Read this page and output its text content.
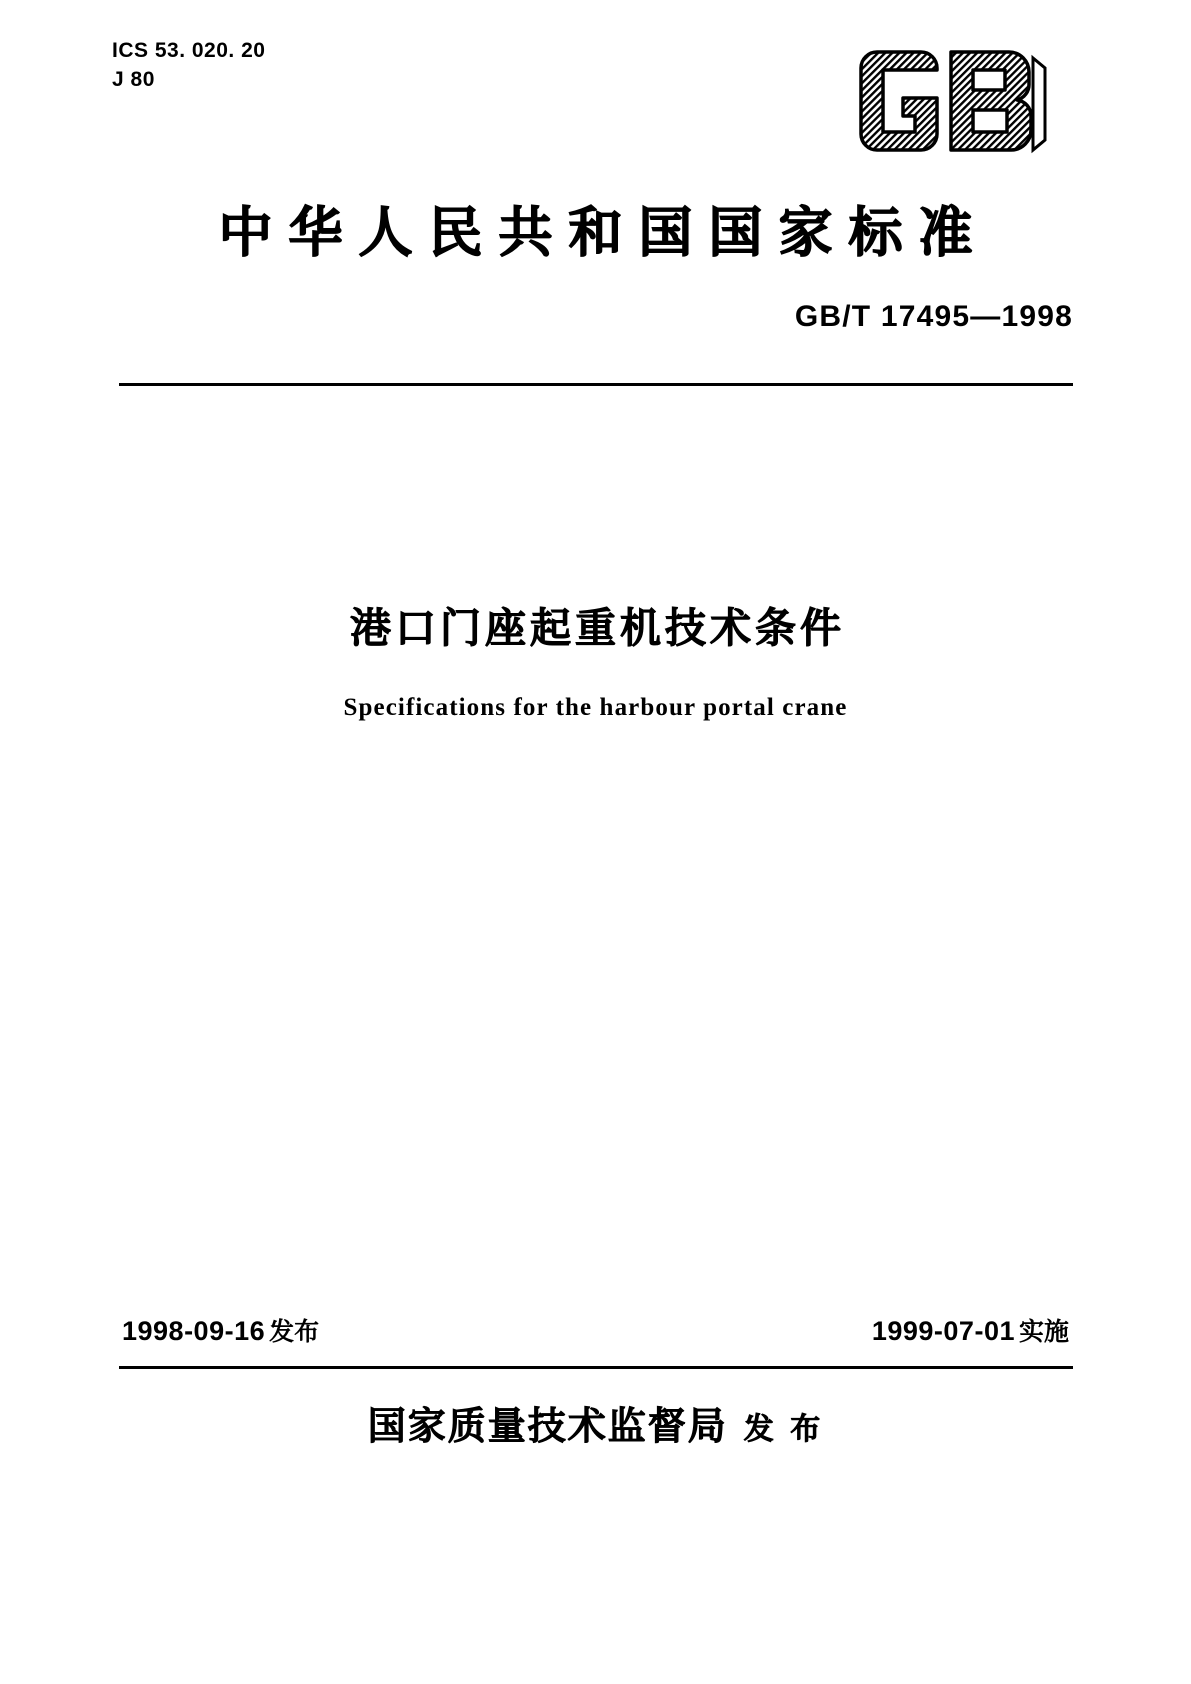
ICS 53. 020. 20
J 80
中华人民共和国国家标准
GB/T 17495—1998
港口门座起重机技术条件
Specifications for the harbour portal crane
1998-09-16 发布	1999-07-01 实施
国家质量技术监督局 发 布
